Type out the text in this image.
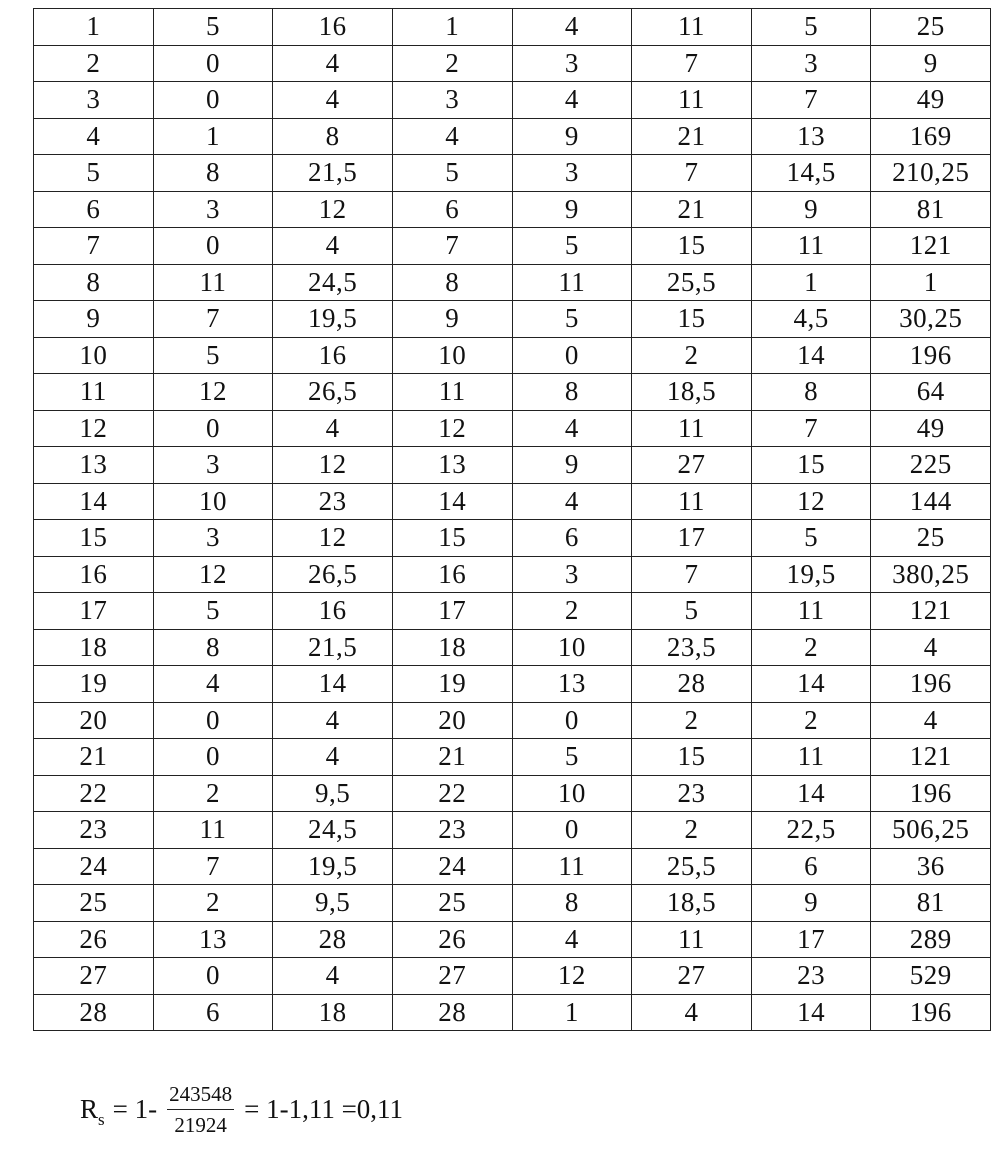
1	5	16	1	4	11	5	25
2	0	4	2	3	7	3	9
3	0	4	3	4	11	7	49
4	1	8	4	9	21	13	169
5	8	21,5	5	3	7	14,5	210,25
6	3	12	6	9	21	9	81
7	0	4	7	5	15	11	121
8	11	24,5	8	11	25,5	1	1
9	7	19,5	9	5	15	4,5	30,25
10	5	16	10	0	2	14	196
11	12	26,5	11	8	18,5	8	64
12	0	4	12	4	11	7	49
13	3	12	13	9	27	15	225
14	10	23	14	4	11	12	144
15	3	12	15	6	17	5	25
16	12	26,5	16	3	7	19,5	380,25
17	5	16	17	2	5	11	121
18	8	21,5	18	10	23,5	2	4
19	4	14	19	13	28	14	196
20	0	4	20	0	2	2	4
21	0	4	21	5	15	11	121
22	2	9,5	22	10	23	14	196
23	11	24,5	23	0	2	22,5	506,25
24	7	19,5	24	11	25,5	6	36
25	2	9,5	25	8	18,5	9	81
26	13	28	26	4	11	17	289
27	0	4	27	12	27	23	529
28	6	18	28	1	4	14	196
$R_s = 1- \frac{243548}{21924} = 1-1,11 =0,11$
